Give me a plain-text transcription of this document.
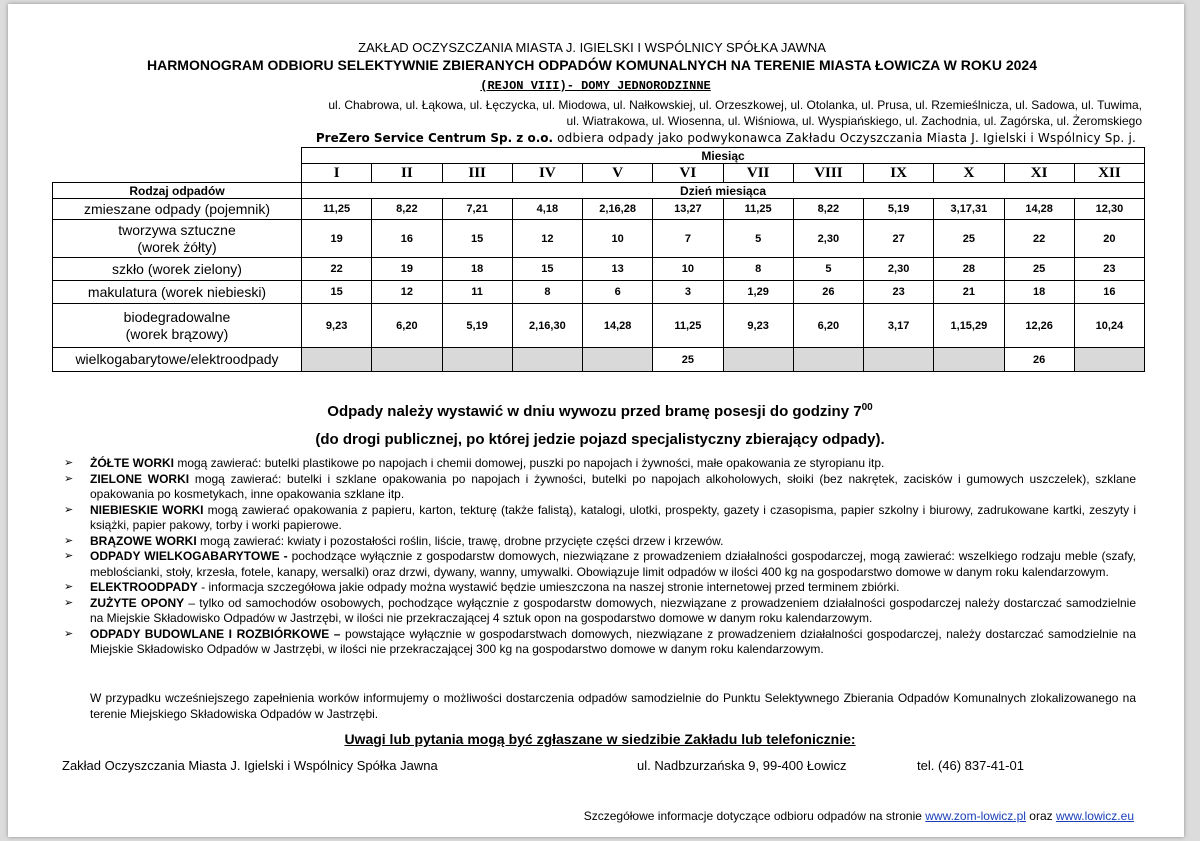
ZAKŁAD OCZYSZCZANIA MIASTA J. IGIELSKI I WSPÓLNICY SPÓŁKA JAWNA
HARMONOGRAM ODBIORU SELEKTYWNIE ZBIERANYCH ODPADÓW KOMUNALNYCH NA TERENIE MIASTA ŁOWICZA W ROKU 2024
(REJON VIII)- DOMY JEDNORODZINNE
ul. Chabrowa, ul. Łąkowa, ul. Łęczycka, ul. Miodowa, ul. Nałkowskiej, ul. Orzeszkowej, ul. Otolanka, ul. Prusa, ul. Rzemieślnicza, ul. Sadowa, ul. Tuwima,
ul. Wiatrakowa, ul. Wiosenna, ul. Wiśniowa, ul. Wyspiańskiego, ul. Zachodnia, ul. Zagórska, ul. Żeromskiego
PreZero Service Centrum Sp. z o.o. odbiera odpady jako podwykonawca Zakładu Oczyszczania Miasta J. Igielski i Wspólnicy Sp. j.
	Miesiąc											
	I	II	III	IV	V	VI	VII	VIII	IX	X	XI	XII
Rodzaj odpadów	Dzień miesiąca											
zmieszane odpady (pojemnik)	11,25	8,22	7,21	4,18	2,16,28	13,27	11,25	8,22	5,19	3,17,31	14,28	12,30
tworzywa sztuczne
(worek żółty)	19	16	15	12	10	7	5	2,30	27	25	22	20
szkło (worek zielony)	22	19	18	15	13	10	8	5	2,30	28	25	23
makulatura (worek niebieski)	15	12	11	8	6	3	1,29	26	23	21	18	16
biodegradowalne
(worek brązowy)	9,23	6,20	5,19	2,16,30	14,28	11,25	9,23	6,20	3,17	1,15,29	12,26	10,24
wielkogabarytowe/elektroodpady						25					26	
Odpady należy wystawić w dniu wywozu przed bramę posesji do godziny $7^{00}$
(do drogi publicznej, po której jedzie pojazd specjalistyczny zbierający odpady).
➢ ŻÓŁTE WORKI mogą zawierać: butelki plastikowe po napojach i chemii domowej, puszki po napojach i żywności, małe opakowania ze styropianu itp.
➢ ZIELONE WORKI mogą zawierać: butelki i szklane opakowania po napojach i żywności, butelki po napojach alkoholowych, słoiki (bez nakrętek, zacisków i gumowych uszczelek), szklane opakowania po kosmetykach, inne opakowania szklane itp.
➢ NIEBIESKIE WORKI mogą zawierać opakowania z papieru, karton, tekturę (także falistą), katalogi, ulotki, prospekty, gazety i czasopisma, papier szkolny i biurowy, zadrukowane kartki, zeszyty i książki, papier pakowy, torby i worki papierowe.
➢ BRĄZOWE WORKI mogą zawierać: kwiaty i pozostałości roślin, liście, trawę, drobne przycięte części drzew i krzewów.
➢ ODPADY WIELKOGABARYTOWE - pochodzące wyłącznie z gospodarstw domowych, niezwiązane z prowadzeniem działalności gospodarczej, mogą zawierać: wszelkiego rodzaju meble (szafy, meblościanki, stoły, krzesła, fotele, kanapy, wersalki) oraz drzwi, dywany, wanny, umywalki. Obowiązuje limit odpadów w ilości 400 kg na gospodarstwo domowe w danym roku kalendarzowym.
➢ ELEKTROODPADY - informacja szczegółowa jakie odpady można wystawić będzie umieszczona na naszej stronie internetowej przed terminem zbiórki.
➢ ZUŻYTE OPONY – tylko od samochodów osobowych, pochodzące wyłącznie z gospodarstw domowych, niezwiązane z prowadzeniem działalności gospodarczej należy dostarczać samodzielnie na Miejskie Składowisko Odpadów w Jastrzębi, w ilości nie przekraczającej 4 sztuk opon na gospodarstwo domowe w danym roku kalendarzowym.
➢ ODPADY BUDOWLANE I ROZBIÓRKOWE – powstające wyłącznie w gospodarstwach domowych, niezwiązane z prowadzeniem działalności gospodarczej, należy dostarczać samodzielnie na Miejskie Składowisko Odpadów w Jastrzębi, w ilości nie przekraczającej 300 kg na gospodarstwo domowe w danym roku kalendarzowym.
W przypadku wcześniejszego zapełnienia worków informujemy o możliwości dostarczenia odpadów samodzielnie do Punktu Selektywnego Zbierania Odpadów Komunalnych zlokalizowanego na terenie Miejskiego Składowiska Odpadów w Jastrzębi.
Uwagi lub pytania mogą być zgłaszane w siedzibie Zakładu lub telefonicznie:
Zakład Oczyszczania Miasta J. Igielski i Wspólnicy Spółka Jawna	ul. Nadbzurzańska 9, 99-400 Łowicz	tel. (46) 837-41-01
Szczegółowe informacje dotyczące odbioru odpadów na stronie www.zom-lowicz.pl oraz www.lowicz.eu
